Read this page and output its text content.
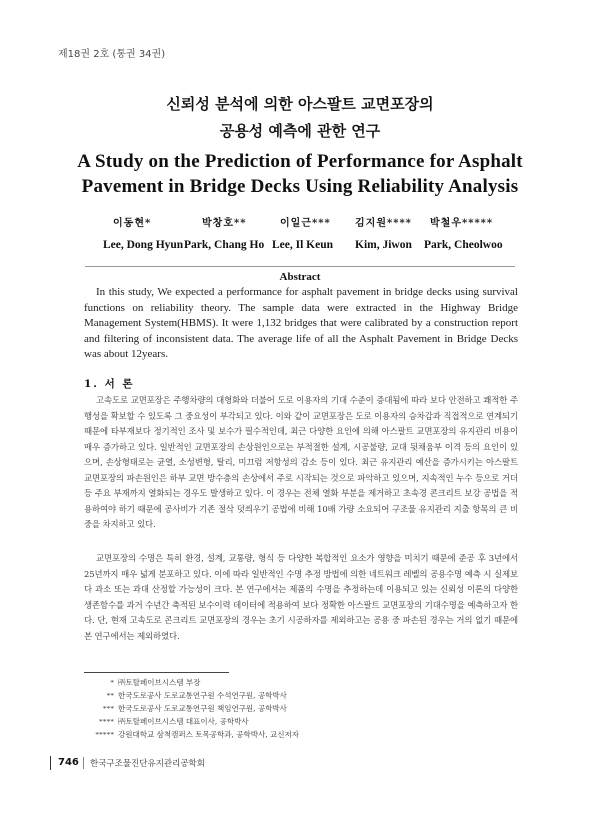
제18권 2호 (통권 34권)
신뢰성 분석에 의한 아스팔트 교면포장의
공용성 예측에 관한 연구
A Study on the Prediction of Performance for Asphalt
Pavement in Bridge Decks Using Reliability Analysis
이동현*
Lee, Dong Hyun
박창호**
Park, Chang Ho
이일근***
Lee, Il Keun
김지원****
Kim, Jiwon
박철우*****
Park, Cheolwoo
Abstract
In this study, We expected a performance for asphalt pavement in bridge decks using survival functions on reliability theory. The sample data were extracted in the Highway Bridge Management System(HBMS). It were 1,132 bridges that were calibrated by a construction report and filtering of inconsistent data. The average life of all the Asphalt Pavement in Bridge Decks was about 12years.
1. 서 론
고속도로 교면포장은 주행차량의 대형화와 더불어 도로 이용자의 기대 수준이 증대됨에 따라 보다 안전하고 쾌적한 주행성을 확보할 수 있도록 그 중요성이 부각되고 있다. 이와 같이 교면포장은 도로 이용자의 승차감과 직접적으로 연계되기 때문에 타부재보다 정기적인 조사 및 보수가 필수적인데, 최근 다양한 요인에 의해 아스팔트 교면포장의 유지관리 비용이 매우 증가하고 있다. 일반적인 교면포장의 손상원인으로는 부적절한 설계, 시공불량, 교대 뒷채움부 이격 등의 요인이 있으며, 손상형태로는 균열, 소성변형, 탈리, 미끄럼 저항성의 감소 등이 있다. 최근 유지관리 예산을 증가시키는 아스팔트 교면포장의 파손원인은 하부 교면 방수층의 손상에서 주로 시작되는 것으로 파악하고 있으며, 지속적인 누수 등으로 거더 등 주요 부재까지 열화되는 경우도 발생하고 있다. 이 경우는 전체 열화 부분을 제거하고 초속경 콘크리트 보강 공법을 적용하여야 하기 때문에 공사비가 기존 절삭 덧씌우기 공법에 비해 10배 가량 소요되어 구조물 유지관리 지출 항목의 큰 비중을 차지하고 있다.
교면포장의 수명은 특히 환경, 설계, 교통량, 형식 등 다양한 복합적인 요소가 영향을 미치기 때문에 준공 후 3년에서 25년까지 매우 넓게 분포하고 있다. 이에 따라 일반적인 수명 추정 방법에 의한 네트워크 레벨의 공용수명 예측 시 실제보다 과소 또는 과대 산정할 가능성이 크다. 본 연구에서는 제품의 수명을 추정하는데 이용되고 있는 신뢰성 이론의 다양한 생존함수를 과거 수년간 축적된 보수이력 데이터에 적용하여 보다 정확한 아스팔트 교면포장의 기대수명을 예측하고자 한다. 단, 현재 고속도로 콘크리트 교면포장의 경우는 초기 시공하자를 제외하고는 공용 중 파손된 경우는 거의 없기 때문에 본 연구에서는 제외하였다.
* ㈜토탈페이브시스템 부장
** 한국도로공사 도로교통연구원 수석연구원, 공학박사
*** 한국도로공사 도로교통연구원 책임연구원, 공학박사
**** ㈜토탈페이브시스템 대표이사, 공학박사
***** 강원대학교 삼척캠퍼스 토목공학과, 공학박사, 교신저자
746 한국구조물진단유지관리공학회
